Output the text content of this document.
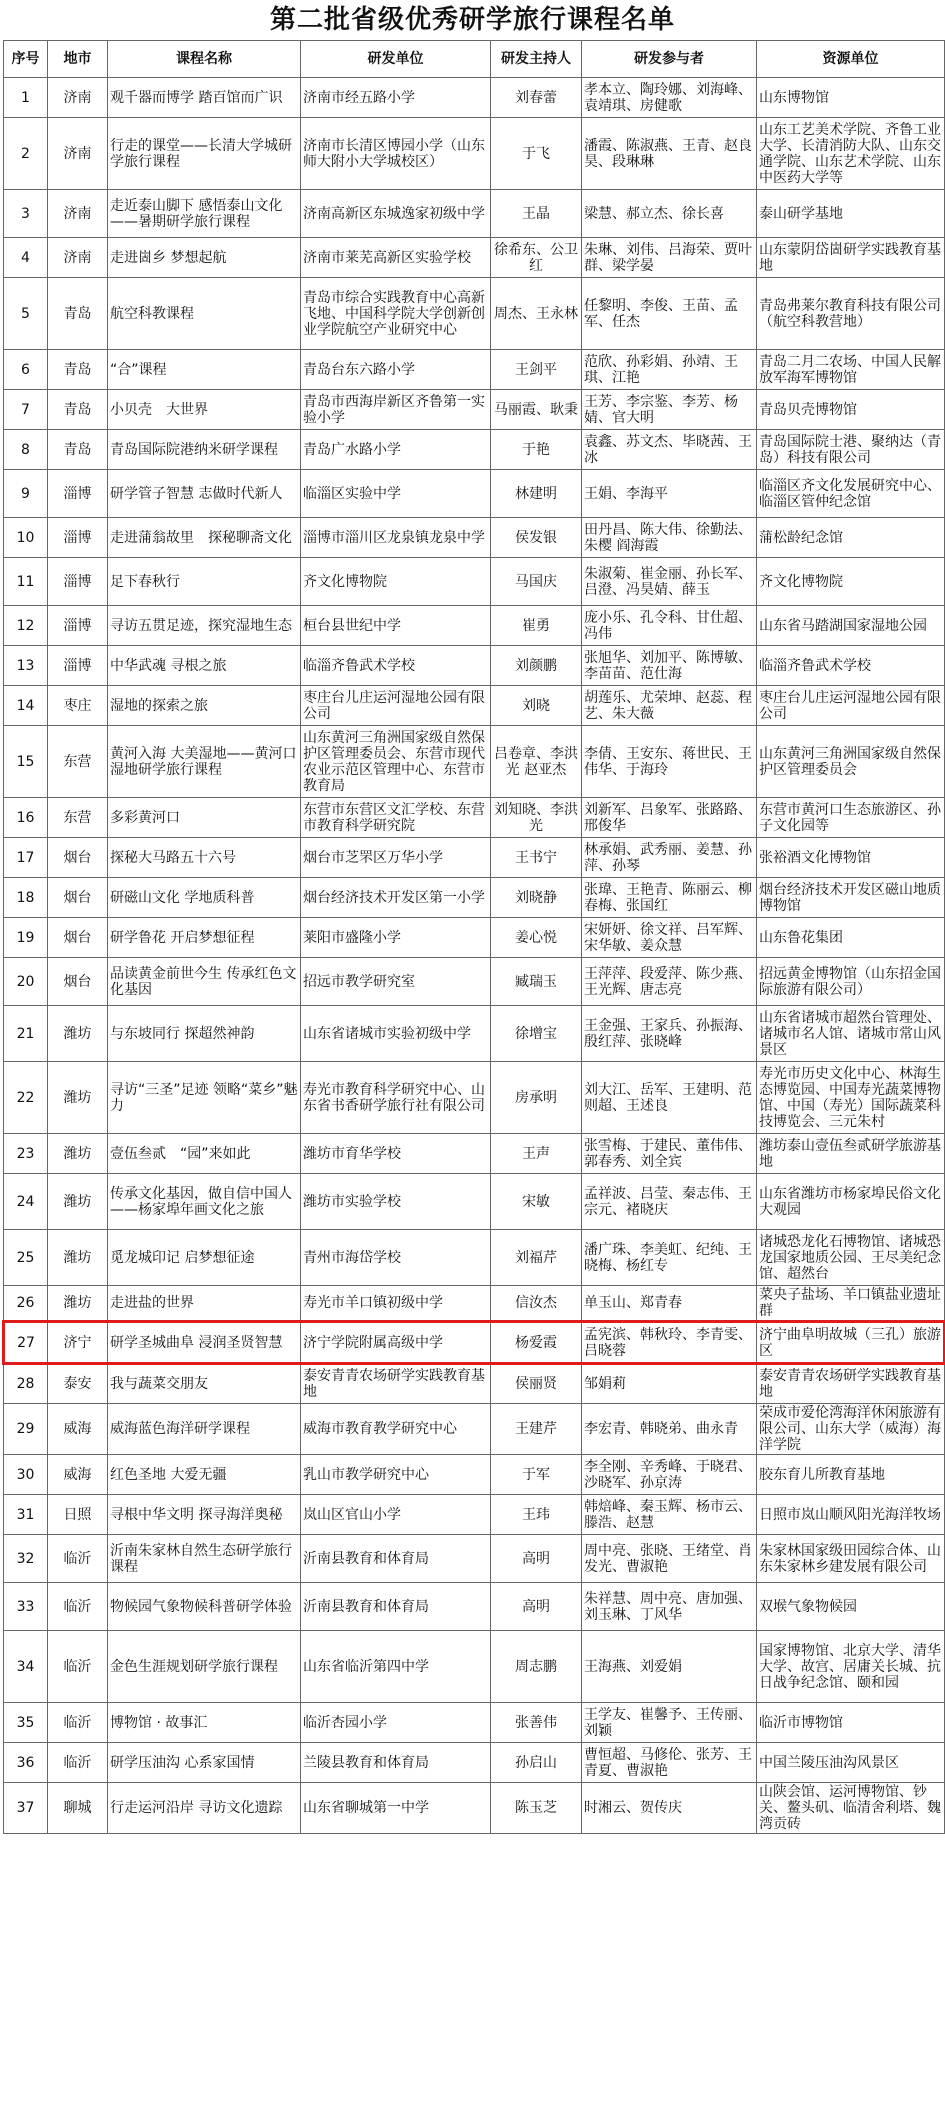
第二批省级优秀研学旅行课程名单
序号	地市	课程名称	研发单位	研发主持人	研发参与者	资源单位
1	济南	观千器而博学 踏百馆而广识	济南市经五路小学	刘春蕾	孝本立、陶玲娜、刘海峰、袁靖琪、房健歌	山东博物馆
2	济南	行走的课堂——长清大学城研学旅行课程	济南市长清区博园小学（山东师大附小大学城校区）	于飞	潘霞、陈淑燕、王青、赵良昊、段琳琳	山东工艺美术学院、齐鲁工业大学、长清消防大队、山东交通学院、山东艺术学院、山东中医药大学等
3	济南	走近泰山脚下 感悟泰山文化——暑期研学旅行课程	济南高新区东城逸家初级中学	王晶	梁慧、郝立杰、徐长喜	泰山研学基地
4	济南	走进崮乡 梦想起航	济南市莱芜高新区实验学校	徐希东、公卫红	朱琳、刘伟、吕海荣、贾叶群、梁学晏	山东蒙阴岱崮研学实践教育基地
5	青岛	航空科教课程	青岛市综合实践教育中心高新飞地、中国科学院大学创新创业学院航空产业研究中心	周杰、王永林	任黎明、李俊、王苗、孟军、任杰	青岛弗莱尔教育科技有限公司（航空科教营地）
6	青岛	“合”课程	青岛台东六路小学	王剑平	范欣、孙彩娟、孙靖、王琪、江艳	青岛二月二农场、中国人民解放军海军博物馆
7	青岛	小贝壳　大世界	青岛市西海岸新区齐鲁第一实验小学	马丽霞、耿秉	王芳、李宗鉴、李芳、杨婧、官大明	青岛贝壳博物馆
8	青岛	青岛国际院港纳米研学课程	青岛广水路小学	于艳	袁鑫、苏文杰、毕晓茜、王冰	青岛国际院士港、聚纳达（青岛）科技有限公司
9	淄博	研学管子智慧 志做时代新人	临淄区实验中学	林建明	王娟、李海平	临淄区齐文化发展研究中心、临淄区管仲纪念馆
10	淄博	走进蒲翁故里　探秘聊斋文化	淄博市淄川区龙泉镇龙泉中学	侯发银	田丹昌、陈大伟、徐勤法、朱樱 阎海霞	蒲松龄纪念馆
11	淄博	足下春秋行	齐文化博物院	马国庆	朱淑菊、崔金丽、孙长军、吕澄、冯昊婧、薛玉	齐文化博物院
12	淄博	寻访五贯足迹，探究湿地生态	桓台县世纪中学	崔勇	庞小乐、孔令科、甘仕超、冯伟	山东省马踏湖国家湿地公园
13	淄博	中华武魂 寻根之旅	临淄齐鲁武术学校	刘颜鹏	张旭华、刘加平、陈博敏、李苗苗、范仕海	临淄齐鲁武术学校
14	枣庄	湿地的探索之旅	枣庄台儿庄运河湿地公园有限公司	刘晓	胡莲乐、尤荣坤、赵蕊、程艺、朱大薇	枣庄台儿庄运河湿地公园有限公司
15	东营	黄河入海 大美湿地——黄河口湿地研学旅行课程	山东黄河三角洲国家级自然保护区管理委员会、东营市现代农业示范区管理中心、东营市教育局	吕卷章、李洪光 赵亚杰	李倩、王安东、蒋世民、王伟华、于海玲	山东黄河三角洲国家级自然保护区管理委员会
16	东营	多彩黄河口	东营市东营区文汇学校、东营市教育科学研究院	刘知晓、李洪光	刘新军、吕象军、张路路、邢俊华	东营市黄河口生态旅游区、孙子文化园等
17	烟台	探秘大马路五十六号	烟台市芝罘区万华小学	王书宁	林承娟、武秀丽、姜慧、孙萍、孙琴	张裕酒文化博物馆
18	烟台	研磁山文化 学地质科普	烟台经济技术开发区第一小学	刘晓静	张瑋、王艳青、陈丽云、柳春梅、张国红	烟台经济技术开发区磁山地质博物馆
19	烟台	研学鲁花 开启梦想征程	莱阳市盛隆小学	姜心悦	宋妍妍、徐文祥、吕军辉、宋华敏、姜众慧	山东鲁花集团
20	烟台	品读黄金前世今生 传承红色文化基因	招远市教学研究室	臧瑞玉	王萍萍、段爱萍、陈少燕、王光辉、唐志亮	招远黄金博物馆（山东招金国际旅游有限公司）
21	潍坊	与东坡同行 探超然神韵	山东省诸城市实验初级中学	徐增宝	王金强、王家兵、孙振海、殷红萍、张晓峰	山东省诸城市超然台管理处、诸城市名人馆、诸城市常山风景区
22	潍坊	寻访“三圣”足迹 领略“菜乡”魅力	寿光市教育科学研究中心、山东省书香研学旅行社有限公司	房承明	刘大江、岳军、王建明、范则超、王述良	寿光市历史文化中心、林海生态博览园、中国寿光蔬菜博物馆、中国（寿光）国际蔬菜科技博览会、三元朱村
23	潍坊	壹伍叁贰　“园”来如此	潍坊市育华学校	王声	张雪梅、于建民、董伟伟、郭春秀、刘全宾	潍坊泰山壹伍叁贰研学旅游基地
24	潍坊	传承文化基因，做自信中国人——杨家埠年画文化之旅	潍坊市实验学校	宋敏	孟祥波、吕莹、秦志伟、王宗元、褚晓庆	山东省潍坊市杨家埠民俗文化大观园
25	潍坊	觅龙城印记 启梦想征途	青州市海岱学校	刘福芹	潘广珠、李美虹、纪纯、王晓梅、杨红专	诸城恐龙化石博物馆、诸城恐龙国家地质公园、王尽美纪念馆、超然台
26	潍坊	走进盐的世界	寿光市羊口镇初级中学	信汝杰	单玉山、郑青春	菜央子盐场、羊口镇盐业遗址群
27	济宁	研学圣城曲阜 浸润圣贤智慧	济宁学院附属高级中学	杨爱霞	孟宪滨、韩秋玲、李青雯、吕晓蓉	济宁曲阜明故城（三孔）旅游区
28	泰安	我与蔬菜交朋友	泰安青青农场研学实践教育基地	侯丽贤	邹娟莉	泰安青青农场研学实践教育基地
29	威海	威海蓝色海洋研学课程	威海市教育教学研究中心	王建芹	李宏青、韩晓弟、曲永青	荣成市爱伦湾海洋休闲旅游有限公司、山东大学（威海）海洋学院
30	威海	红色圣地 大爱无疆	乳山市教学研究中心	于军	李全刚、辛秀峰、于晓君、沙晓军、孙京涛	胶东育儿所教育基地
31	日照	寻根中华文明 探寻海洋奥秘	岚山区官山小学	王玮	韩焙峰、秦玉辉、杨市云、滕浩、赵慧	日照市岚山顺风阳光海洋牧场
32	临沂	沂南朱家林自然生态研学旅行课程	沂南县教育和体育局	高明	周中亮、张晓、王绪堂、肖发光、曹淑艳	朱家林国家级田园综合体、山东朱家林乡建发展有限公司
33	临沂	物候园气象物候科普研学体验	沂南县教育和体育局	高明	朱祥慧、周中亮、唐加强、刘玉琳、丁风华	双堠气象物候园
34	临沂	金色生涯规划研学旅行课程	山东省临沂第四中学	周志鹏	王海燕、刘爱娟	国家博物馆、北京大学、清华大学、故宫、居庸关长城、抗日战争纪念馆、颐和园
35	临沂	博物馆 · 故事汇	临沂杏园小学	张善伟	王学友、崔馨予、王传丽、刘颖	临沂市博物馆
36	临沂	研学压油沟 心系家国情	兰陵县教育和体育局	孙启山	曹恒超、马修伦、张芳、王青夏、曹淑艳	中国兰陵压油沟风景区
37	聊城	行走运河沿岸 寻访文化遗踪	山东省聊城第一中学	陈玉芝	时湘云、贺传庆	山陕会馆、运河博物馆、钞关、鳌头矶、临清舍利塔、魏湾贡砖
